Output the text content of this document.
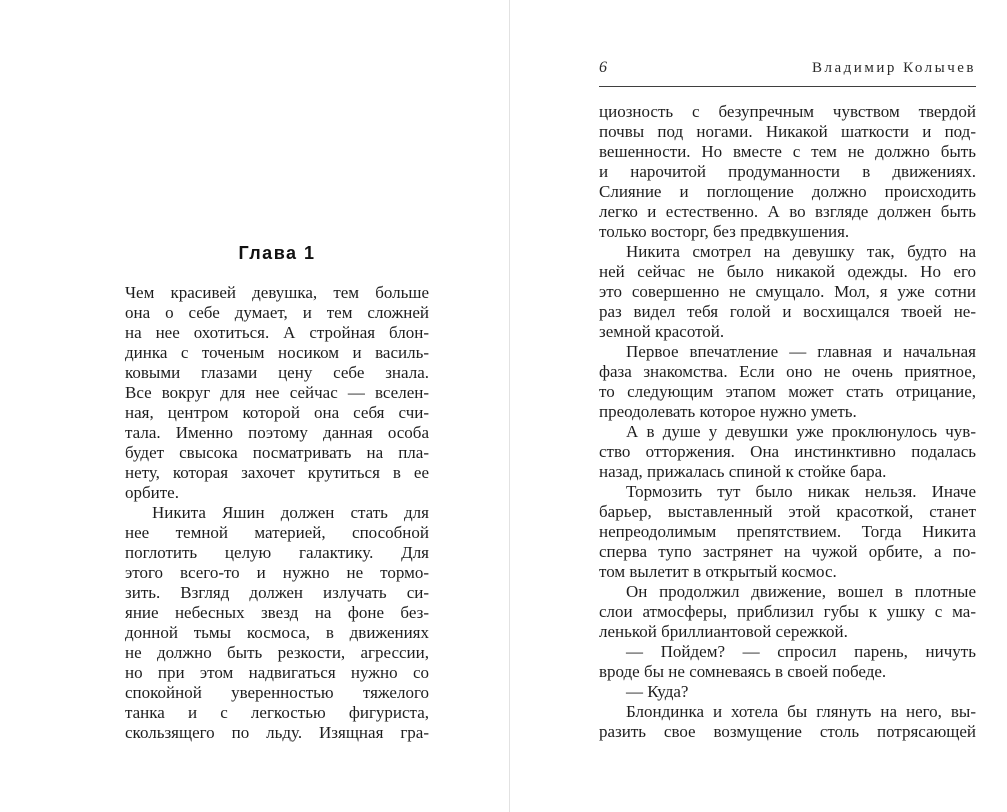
Глава 1
Чем красивей девушка, тем больше
она о себе думает, и тем сложней
на нее охотиться. А стройная блон-
динка с точеным носиком и василь-
ковыми глазами цену себе знала.
Все вокруг для нее сейчас — вселен-
ная, центром которой она себя счи-
тала. Именно поэтому данная особа
будет свысока посматривать на пла-
нету, которая захочет крутиться в ее
орбите.
Никита Яшин должен стать для
нее темной материей, способной
поглотить целую галактику. Для
этого всего-то и нужно не тормо-
зить. Взгляд должен излучать си-
яние небесных звезд на фоне без-
донной тьмы космоса, в движениях
не должно быть резкости, агрессии,
но при этом надвигаться нужно со
спокойной уверенностью тяжелого
танка и с легкостью фигуриста,
скользящего по льду. Изящная гра-
6	Владимир Колычев
циозность с безупречным чувством твердой
почвы под ногами. Никакой шаткости и под-
вешенности. Но вместе с тем не должно быть
и нарочитой продуманности в движениях.
Слияние и поглощение должно происходить
легко и естественно. А во взгляде должен быть
только восторг, без предвкушения.
Никита смотрел на девушку так, будто на
ней сейчас не было никакой одежды. Но его
это совершенно не смущало. Мол, я уже сотни
раз видел тебя голой и восхищался твоей не-
земной красотой.
Первое впечатление — главная и начальная
фаза знакомства. Если оно не очень приятное,
то следующим этапом может стать отрицание,
преодолевать которое нужно уметь.
А в душе у девушки уже проклюнулось чув-
ство отторжения. Она инстинктивно подалась
назад, прижалась спиной к стойке бара.
Тормозить тут было никак нельзя. Иначе
барьер, выставленный этой красоткой, станет
непреодолимым препятствием. Тогда Никита
сперва тупо застрянет на чужой орбите, а по-
том вылетит в открытый космос.
Он продолжил движение, вошел в плотные
слои атмосферы, приблизил губы к ушку с ма-
ленькой бриллиантовой сережкой.
— Пойдем? — спросил парень, ничуть
вроде бы не сомневаясь в своей победе.
— Куда?
Блондинка и хотела бы глянуть на него, вы-
разить свое возмущение столь потрясающей
